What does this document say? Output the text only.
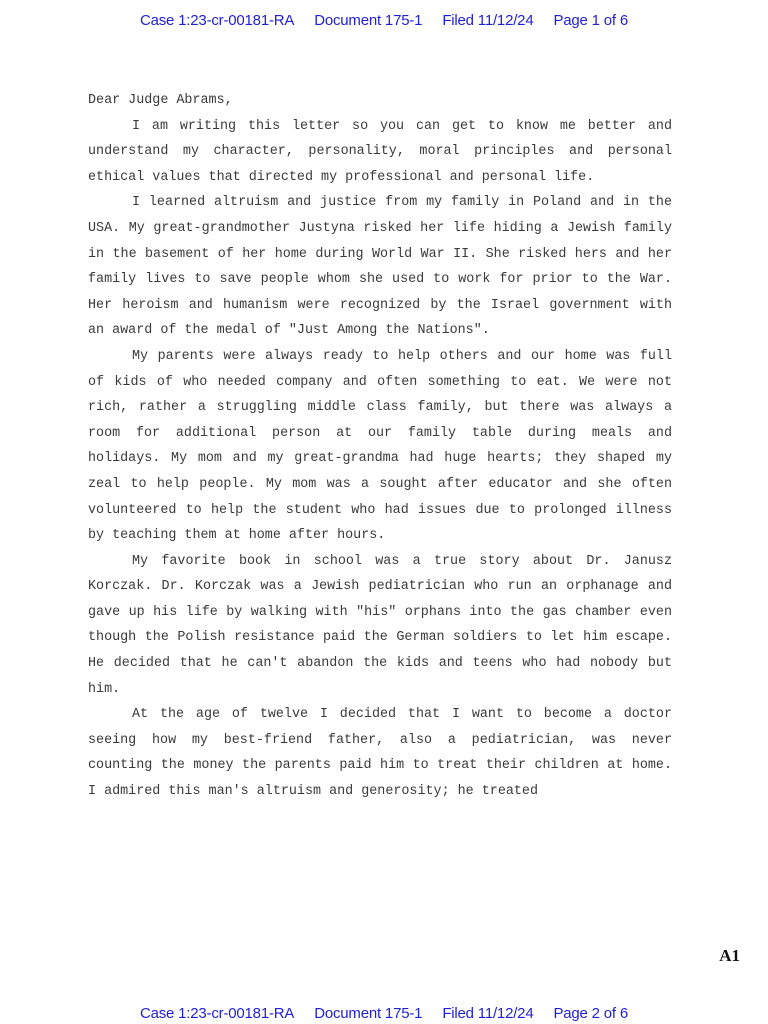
Case 1:23-cr-00181-RA Document 175-1 Filed 11/12/24 Page 1 of 6

Dear Judge Abrams,

I am writing this letter so you can get to know me better and understand my character, personality, moral principles and personal ethical values that directed my professional and personal life.

I learned altruism and justice from my family in Poland and in the USA. My great-grandmother Justyna risked her life hiding a Jewish family in the basement of her home during World War II. She risked hers and her family lives to save people whom she used to work for prior to the War. Her heroism and humanism were recognized by the Israel government with an award of the medal of "Just Among the Nations".

My parents were always ready to help others and our home was full of kids of who needed company and often something to eat. We were not rich, rather a struggling middle class family, but there was always a room for additional person at our family table during meals and holidays. My mom and my great-grandma had huge hearts; they shaped my zeal to help people. My mom was a sought after educator and she often volunteered to help the student who had issues due to prolonged illness by teaching them at home after hours.

My favorite book in school was a true story about Dr. Janusz Korczak. Dr. Korczak was a Jewish pediatrician who run an orphanage and gave up his life by walking with "his" orphans into the gas chamber even though the Polish resistance paid the German soldiers to let him escape. He decided that he can't abandon the kids and teens who had nobody but him.

At the age of twelve I decided that I want to become a doctor seeing how my best-friend father, also a pediatrician, was never counting the money the parents paid him to treat their children at home. I admired this man's altruism and generosity; he treated

A1
Case 1:23-cr-00181-RA Document 175-1 Filed 11/12/24 Page 2 of 6
